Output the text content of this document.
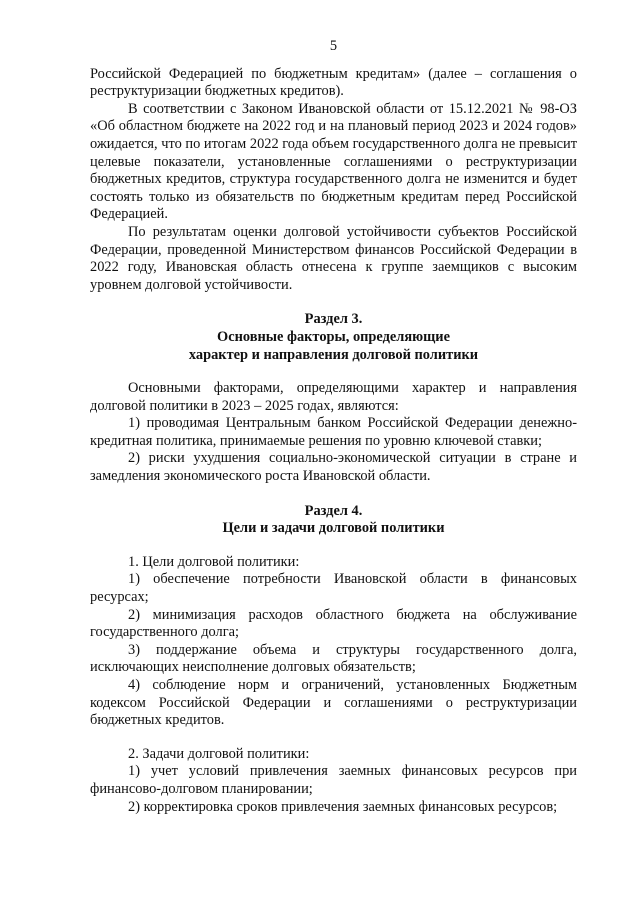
5

Российской Федерацией по бюджетным кредитам» (далее – соглашения о реструктуризации бюджетных кредитов).

В соответствии с Законом Ивановской области от 15.12.2021 № 98-ОЗ «Об областном бюджете на 2022 год и на плановый период 2023 и 2024 годов» ожидается, что по итогам 2022 года объем государственного долга не превысит целевые показатели, установленные соглашениями о реструктуризации бюджетных кредитов, структура государственного долга не изменится и будет состоять только из обязательств по бюджетным кредитам перед Российской Федерацией.

По результатам оценки долговой устойчивости субъектов Российской Федерации, проведенной Министерством финансов Российской Федерации в 2022 году, Ивановская область отнесена к группе заемщиков с высоким уровнем долговой устойчивости.

Раздел 3.
Основные факторы, определяющие
характер и направления долговой политики

Основными факторами, определяющими характер и направления долговой политики в 2023 – 2025 годах, являются:

1) проводимая Центральным банком Российской Федерации денежно-кредитная политика, принимаемые решения по уровню ключевой ставки;

2) риски ухудшения социально-экономической ситуации в стране и замедления экономического роста Ивановской области.

Раздел 4.
Цели и задачи долговой политики

1. Цели долговой политики:

1) обеспечение потребности Ивановской области в финансовых ресурсах;

2) минимизация расходов областного бюджета на обслуживание государственного долга;

3) поддержание объема и структуры государственного долга, исключающих неисполнение долговых обязательств;

4) соблюдение норм и ограничений, установленных Бюджетным кодексом Российской Федерации и соглашениями о реструктуризации бюджетных кредитов.

2. Задачи долговой политики:

1) учет условий привлечения заемных финансовых ресурсов при финансово-долговом планировании;

2) корректировка сроков привлечения заемных финансовых ресурсов;
